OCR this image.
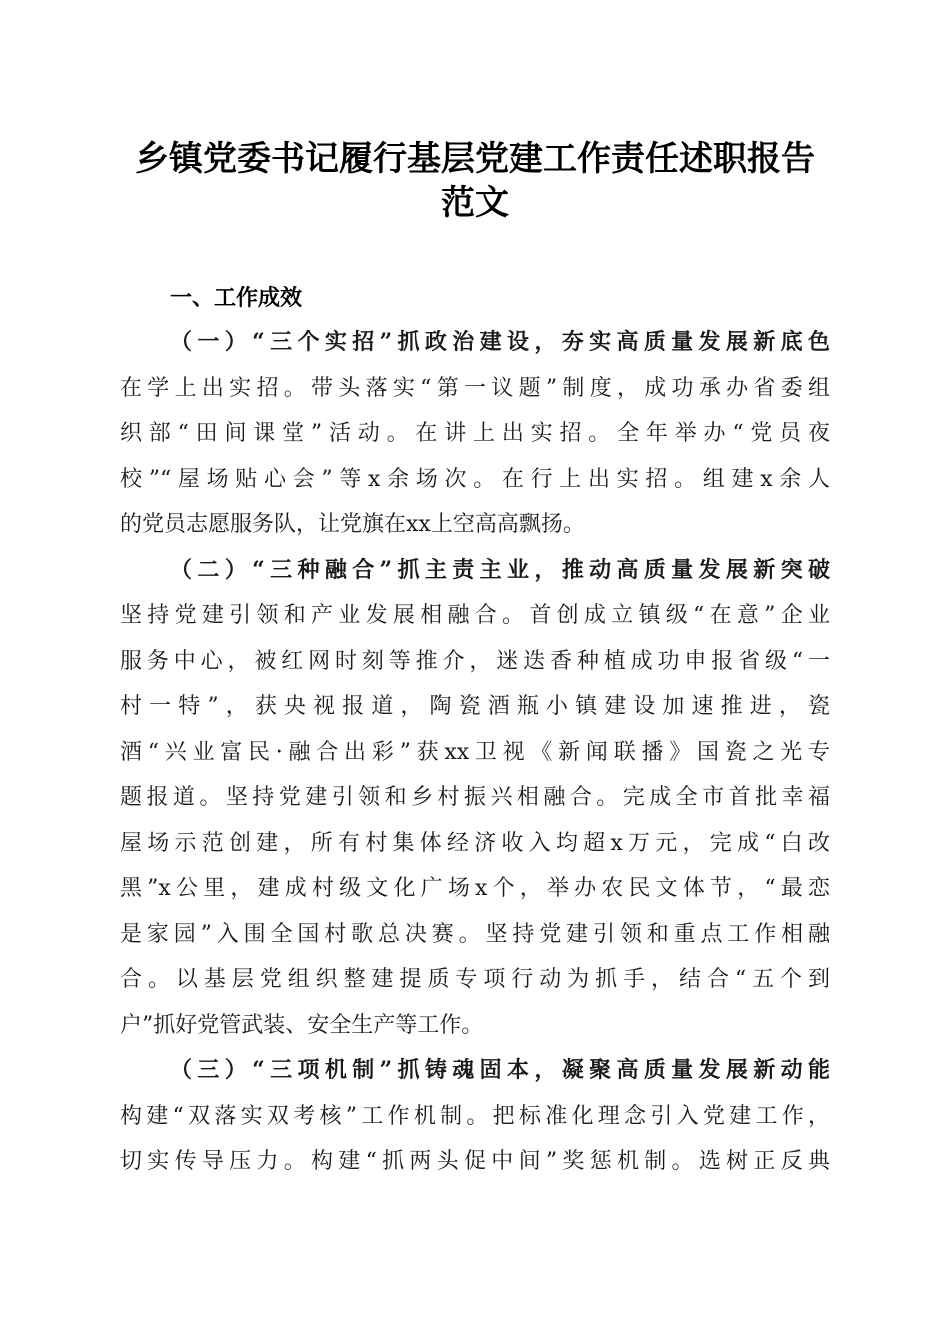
乡镇党委书记履行基层党建工作责任述职报告
范文
一、工作成效
（一）“三个实招”抓政治建设，夯实高质量发展新底色
在学上出实招。带头落实“第一议题”制度，成功承办省委组
织部“田间课堂”活动。在讲上出实招。全年举办“党员夜
校”“屋场贴心会”等x余场次。在行上出实招。组建x余人
的党员志愿服务队，让党旗在xx上空高高飘扬。
（二）“三种融合”抓主责主业，推动高质量发展新突破
坚持党建引领和产业发展相融合。首创成立镇级“在意”企业
服务中心，被红网时刻等推介，迷迭香种植成功申报省级“一
村一特”，获央视报道，陶瓷酒瓶小镇建设加速推进，瓷
酒“兴业富民·融合出彩”获xx卫视《新闻联播》国瓷之光专
题报道。坚持党建引领和乡村振兴相融合。完成全市首批幸福
屋场示范创建，所有村集体经济收入均超x万元，完成“白改
黑”x公里，建成村级文化广场x个，举办农民文体节，“最恋
是家园”入围全国村歌总决赛。坚持党建引领和重点工作相融
合。以基层党组织整建提质专项行动为抓手，结合“五个到
户”抓好党管武装、安全生产等工作。
（三）“三项机制”抓铸魂固本，凝聚高质量发展新动能
构建“双落实双考核”工作机制。把标准化理念引入党建工作，
切实传导压力。构建“抓两头促中间”奖惩机制。选树正反典
